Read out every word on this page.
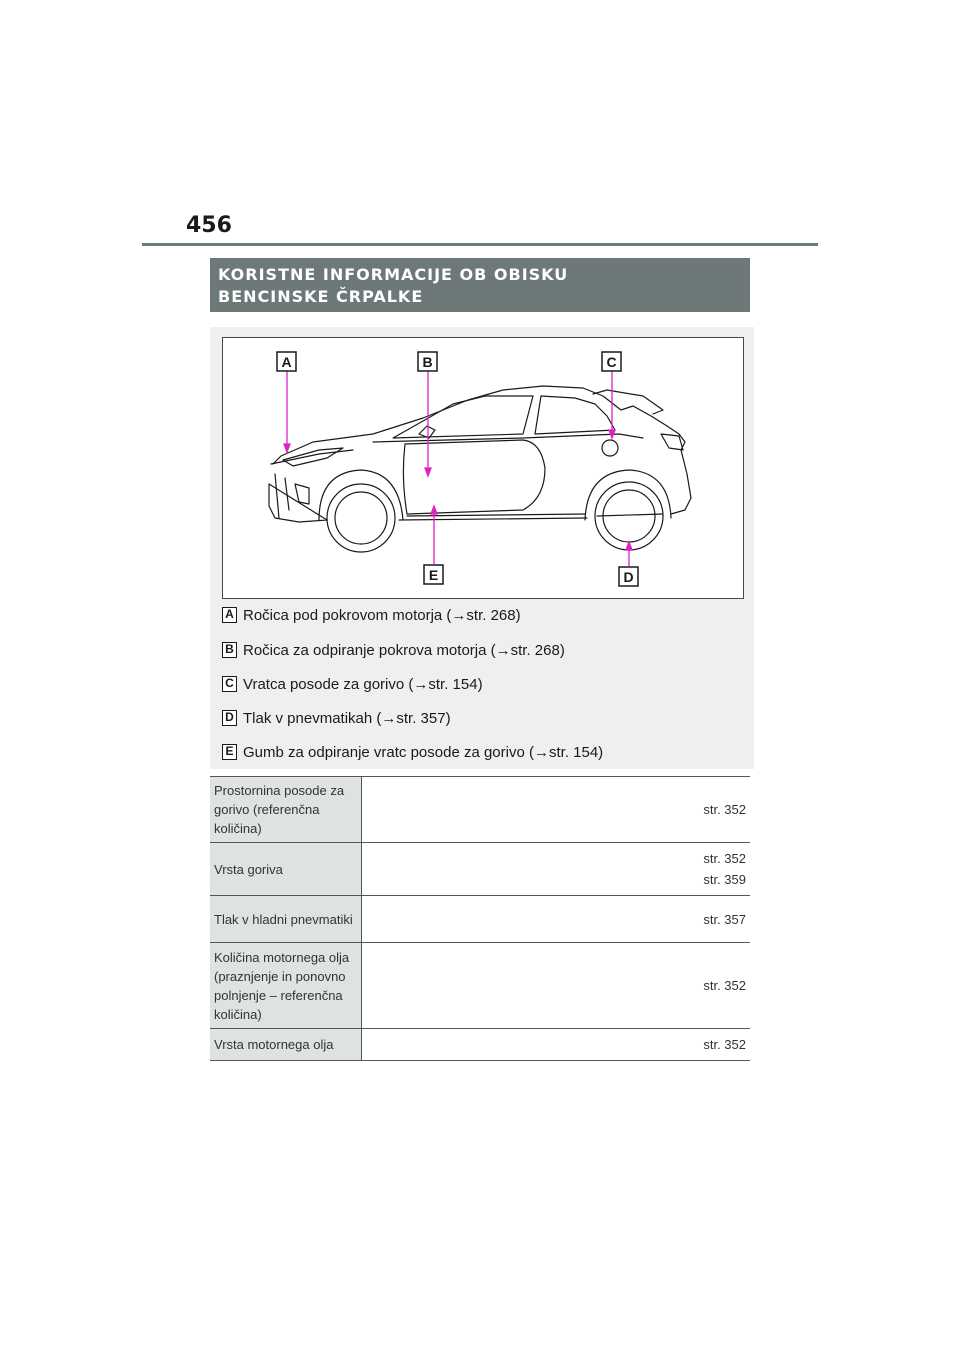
456
KORISTNE INFORMACIJE OB OBISKU
BENCINSKE ČRPALKE
A	B	C
D
E
A Ročica pod pokrovom motorja (→str. 268)
B Ročica za odpiranje pokrova motorja (→str. 268)
C Vratca posode za gorivo (→str. 154)
D Tlak v pnevmatikah (→str. 357)
E Gumb za odpiranje vratc posode za gorivo (→str. 154)
Prostornina posode za gorivo (referenčna količina)	str. 352

Vrsta goriva	str. 352
str. 359

Tlak v hladni pnevmatiki	str. 357

Količina motornega olja (praznjenje in ponovno polnjenje – referenčna količina)	str. 352

Vrsta motornega olja	str. 352
